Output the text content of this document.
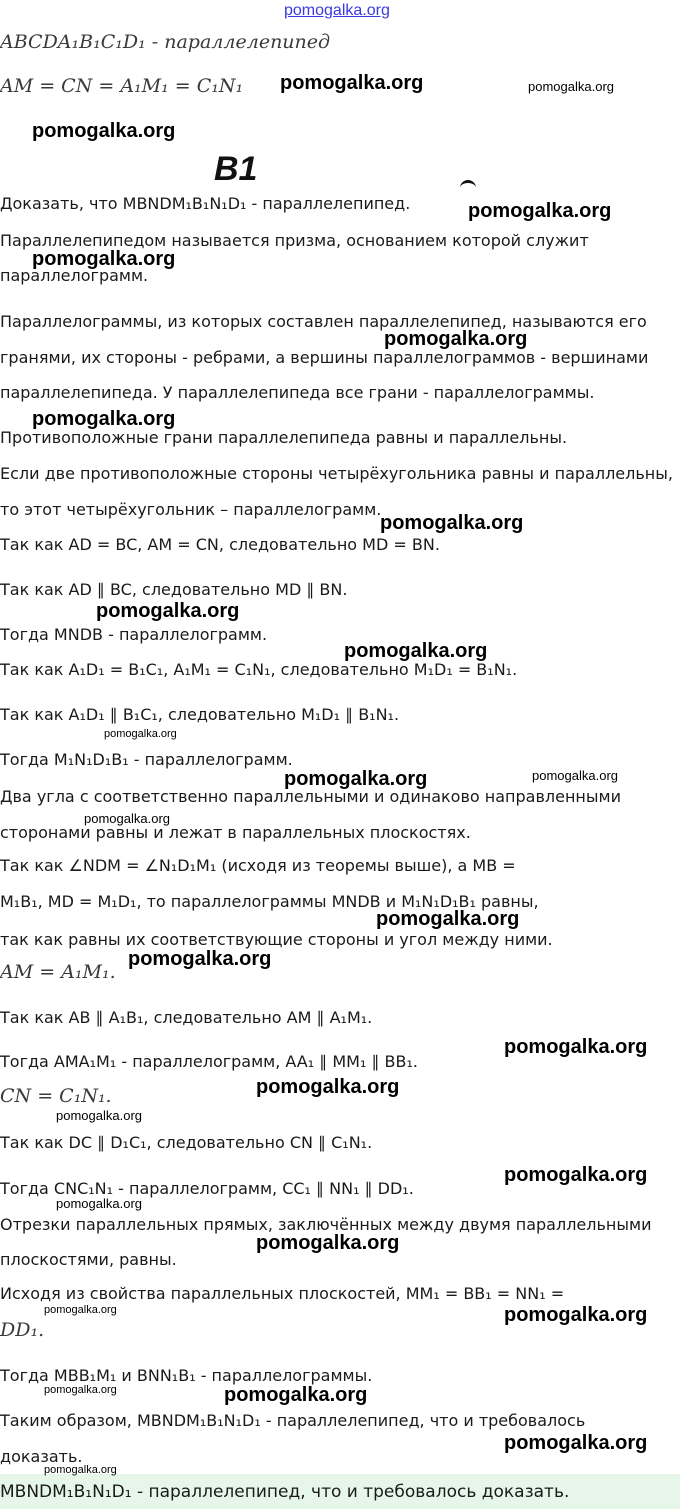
pomogalka.org
B1
ABCDA₁B₁C₁D₁ - параллелепипед
AM = CN = A₁M₁ = C₁N₁
Доказать, что MBNDM₁B₁N₁D₁ - параллелепипед.
Параллелепипедом называется призма, основанием которой служит
параллелограмм.
Параллелограммы, из которых составлен параллелепипед, называются его
гранями, их стороны - ребрами, а вершины параллелограммов - вершинами
параллелепипеда. У параллелепипеда все грани - параллелограммы.
Противоположные грани параллелепипеда равны и параллельны.
Если две противоположные стороны четырёхугольника равны и параллельны,
то этот четырёхугольник – параллелограмм.
Так как AD = BC, AM = CN, следовательно MD = BN.
Так как AD ∥ BC, следовательно MD ∥ BN.
Тогда MNDB - параллелограмм.
Так как A₁D₁ = B₁C₁, A₁M₁ = C₁N₁, следовательно M₁D₁ = B₁N₁.
Так как A₁D₁ ∥ B₁C₁, следовательно M₁D₁ ∥ B₁N₁.
Тогда M₁N₁D₁B₁ - параллелограмм.
Два угла с соответственно параллельными и одинаково направленными
сторонами равны и лежат в параллельных плоскостях.
Так как ∠NDM = ∠N₁D₁M₁ (исходя из теоремы выше), а MB =
M₁B₁, MD = M₁D₁, то параллелограммы MNDB и M₁N₁D₁B₁ равны,
так как равны их соответствующие стороны и угол между ними.
AM = A₁M₁.
Так как AB ∥ A₁B₁, следовательно AM ∥ A₁M₁.
Тогда AMA₁M₁ - параллелограмм, AA₁ ∥ MM₁ ∥ BB₁.
CN = C₁N₁.
Так как DC ∥ D₁C₁, следовательно CN ∥ C₁N₁.
Тогда CNC₁N₁ - параллелограмм, CC₁ ∥ NN₁ ∥ DD₁.
Отрезки параллельных прямых, заключённых между двумя параллельными
плоскостями, равны.
Исходя из свойства параллельных плоскостей, MM₁ = BB₁ = NN₁ =
DD₁.
Тогда MBB₁M₁ и BNN₁B₁ - параллелограммы.
Таким образом, MBNDM₁B₁N₁D₁ - параллелепипед, что и требовалось
доказать.
MBNDM₁B₁N₁D₁ - параллелепипед, что и требовалось доказать.
pomogalka.org	pomogalka.org
pomogalka.org
pomogalka.org
pomogalka.org
pomogalka.org
pomogalka.org
pomogalka.org
pomogalka.org
pomogalka.org
pomogalka.org
pomogalka.org	pomogalka.org
pomogalka.org
pomogalka.org
pomogalka.org
pomogalka.org
pomogalka.org
pomogalka.org
pomogalka.org
pomogalka.org
pomogalka.org
pomogalka.org	pomogalka.org
pomogalka.org	pomogalka.org
pomogalka.org
pomogalka.org
